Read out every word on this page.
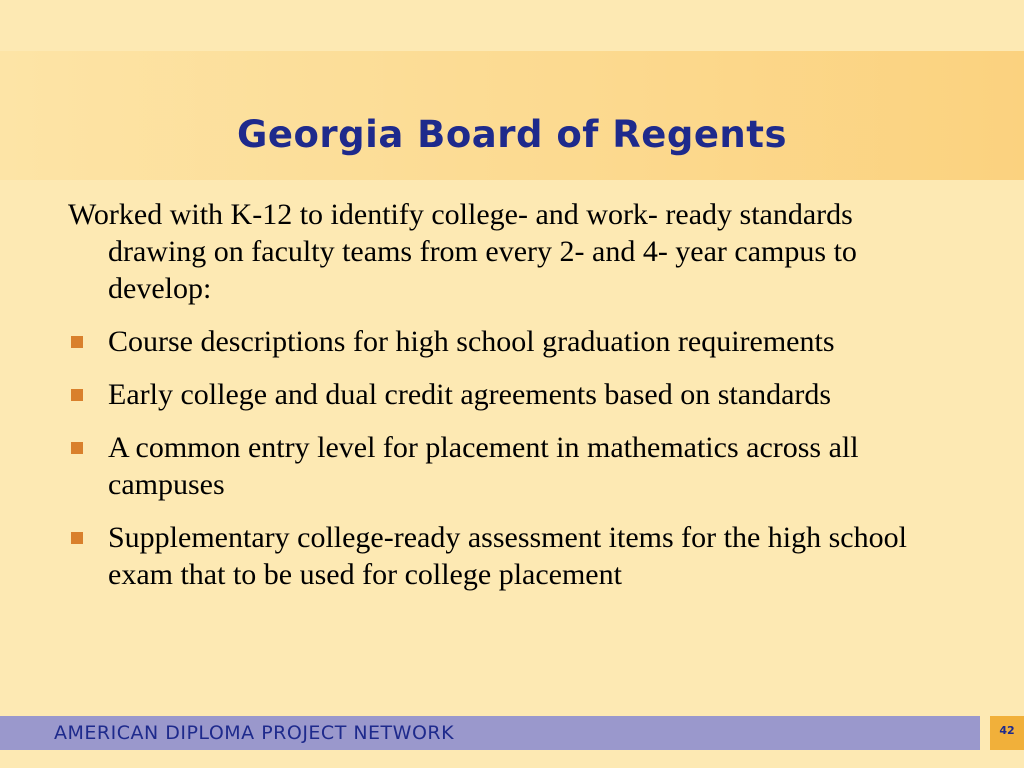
Georgia Board of Regents

Worked with K-12 to identify college- and work- ready standards drawing on faculty teams from every 2- and 4- year campus to develop:

Course descriptions for high school graduation requirements
Early college and dual credit agreements based on standards
A common entry level for placement in mathematics across all campuses
Supplementary college-ready assessment items for the high school exam that to be used for college placement
AMERICAN DIPLOMA PROJECT NETWORK	42
